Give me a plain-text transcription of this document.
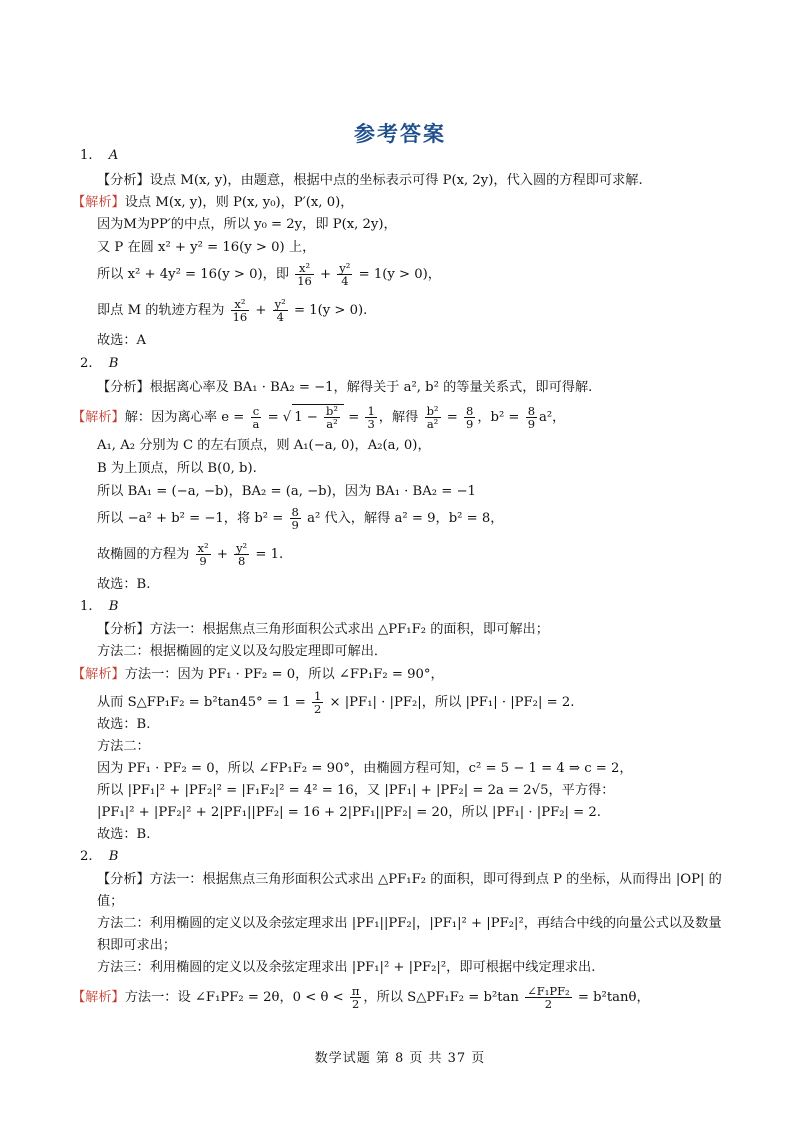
参考答案
1. A
【分析】设点 M(x, y)，由题意，根据中点的坐标表示可得 P(x, 2y)，代入圆的方程即可求解.
【解析】设点 M(x, y)，则 P(x, y₀)，P′(x, 0)，
因为M为PP′的中点，所以 y₀ = 2y，即 P(x, 2y)，
又 P 在圆 x² + y² = 16(y > 0) 上，
所以 x² + 4y² = 16(y > 0)，即 $\frac{\text{x²}}{16} + \frac{\text{y²}}{4} = 1(y > 0)$，
即点 M 的轨迹方程为 $\frac{\text{x²}}{16} + \frac{\text{y²}}{4} = 1(y > 0)$.
故选：A
2. B
【分析】根据离心率及 BA₁ · BA₂ = −1，解得关于 a², b² 的等量关系式，即可得解.
【解析】解：因为离心率 $e = \frac{c}{a}$ = √ $1 - \frac{\text{b²}}{\text{a²}} = \frac{1}{3}$ ，解得 $\frac{\text{b²}}{\text{a²}} = \frac{8}{9}$ ，$b^2 = \frac{8}{9} a^2$，
A₁, A₂ 分别为 C 的左右顶点，则 A₁(−a, 0)，A₂(a, 0)，
B 为上顶点，所以 B(0, b).
所以 BA₁ = (−a, −b)，BA₂ = (a, −b)，因为 BA₁ · BA₂ = −1
所以 −a² + b² = −1，将 $b^2 = \frac{8}{9} a^2$ 代入，解得 a² = 9，b² = 8，
故椭圆的方程为 $\frac{\text{x²}}{9} + \frac{\text{y²}}{8} = 1$.
故选：B.
1. B
【分析】方法一：根据焦点三角形面积公式求出 △PF₁F₂ 的面积，即可解出；
方法二：根据椭圆的定义以及勾股定理即可解出．
【解析】方法一：因为 PF₁ · PF₂ = 0，所以 ∠FP₁F₂ = 90°，
从而 S△FP₁F₂ = $b^2\tan 45^\circ = 1 = \frac{1}{2} \times |PF_1| \cdot |PF_2|$，所以 |PF₁| · |PF₂| = 2.
故选：B.
方法二：
因为 PF₁ · PF₂ = 0，所以 ∠FP₁F₂ = 90°，由椭圆方程可知，c² = 5 − 1 = 4 ⇒ c = 2，
所以 |PF₁|² + |PF₂|² = |F₁F₂|² = 4² = 16，又 |PF₁| + |PF₂| = 2a = 2√5，平方得：
|PF₁|² + |PF₂|² + 2|PF₁||PF₂| = 16 + 2|PF₁||PF₂| = 20，所以 |PF₁| · |PF₂| = 2.
故选：B.
2. B
【分析】方法一：根据焦点三角形面积公式求出 △PF₁F₂ 的面积，即可得到点 P 的坐标，从而得出 |OP| 的
值；
方法二：利用椭圆的定义以及余弦定理求出 |PF₁||PF₂|，|PF₁|² + |PF₂|²，再结合中线的向量公式以及数量
积即可求出；
方法三：利用椭圆的定义以及余弦定理求出 |PF₁|² + |PF₂|²，即可根据中线定理求出.
【解析】方法一：设 ∠F₁PF₂ = 2θ，$0 < \theta < \frac{\pi}{2}$ ，所以 S△PF₁F₂ = $b^2\tan \frac{\text{∠F₁PF₂}}{2} = b^2\tan\theta$，
数学试题 第 8 页 共 37 页
